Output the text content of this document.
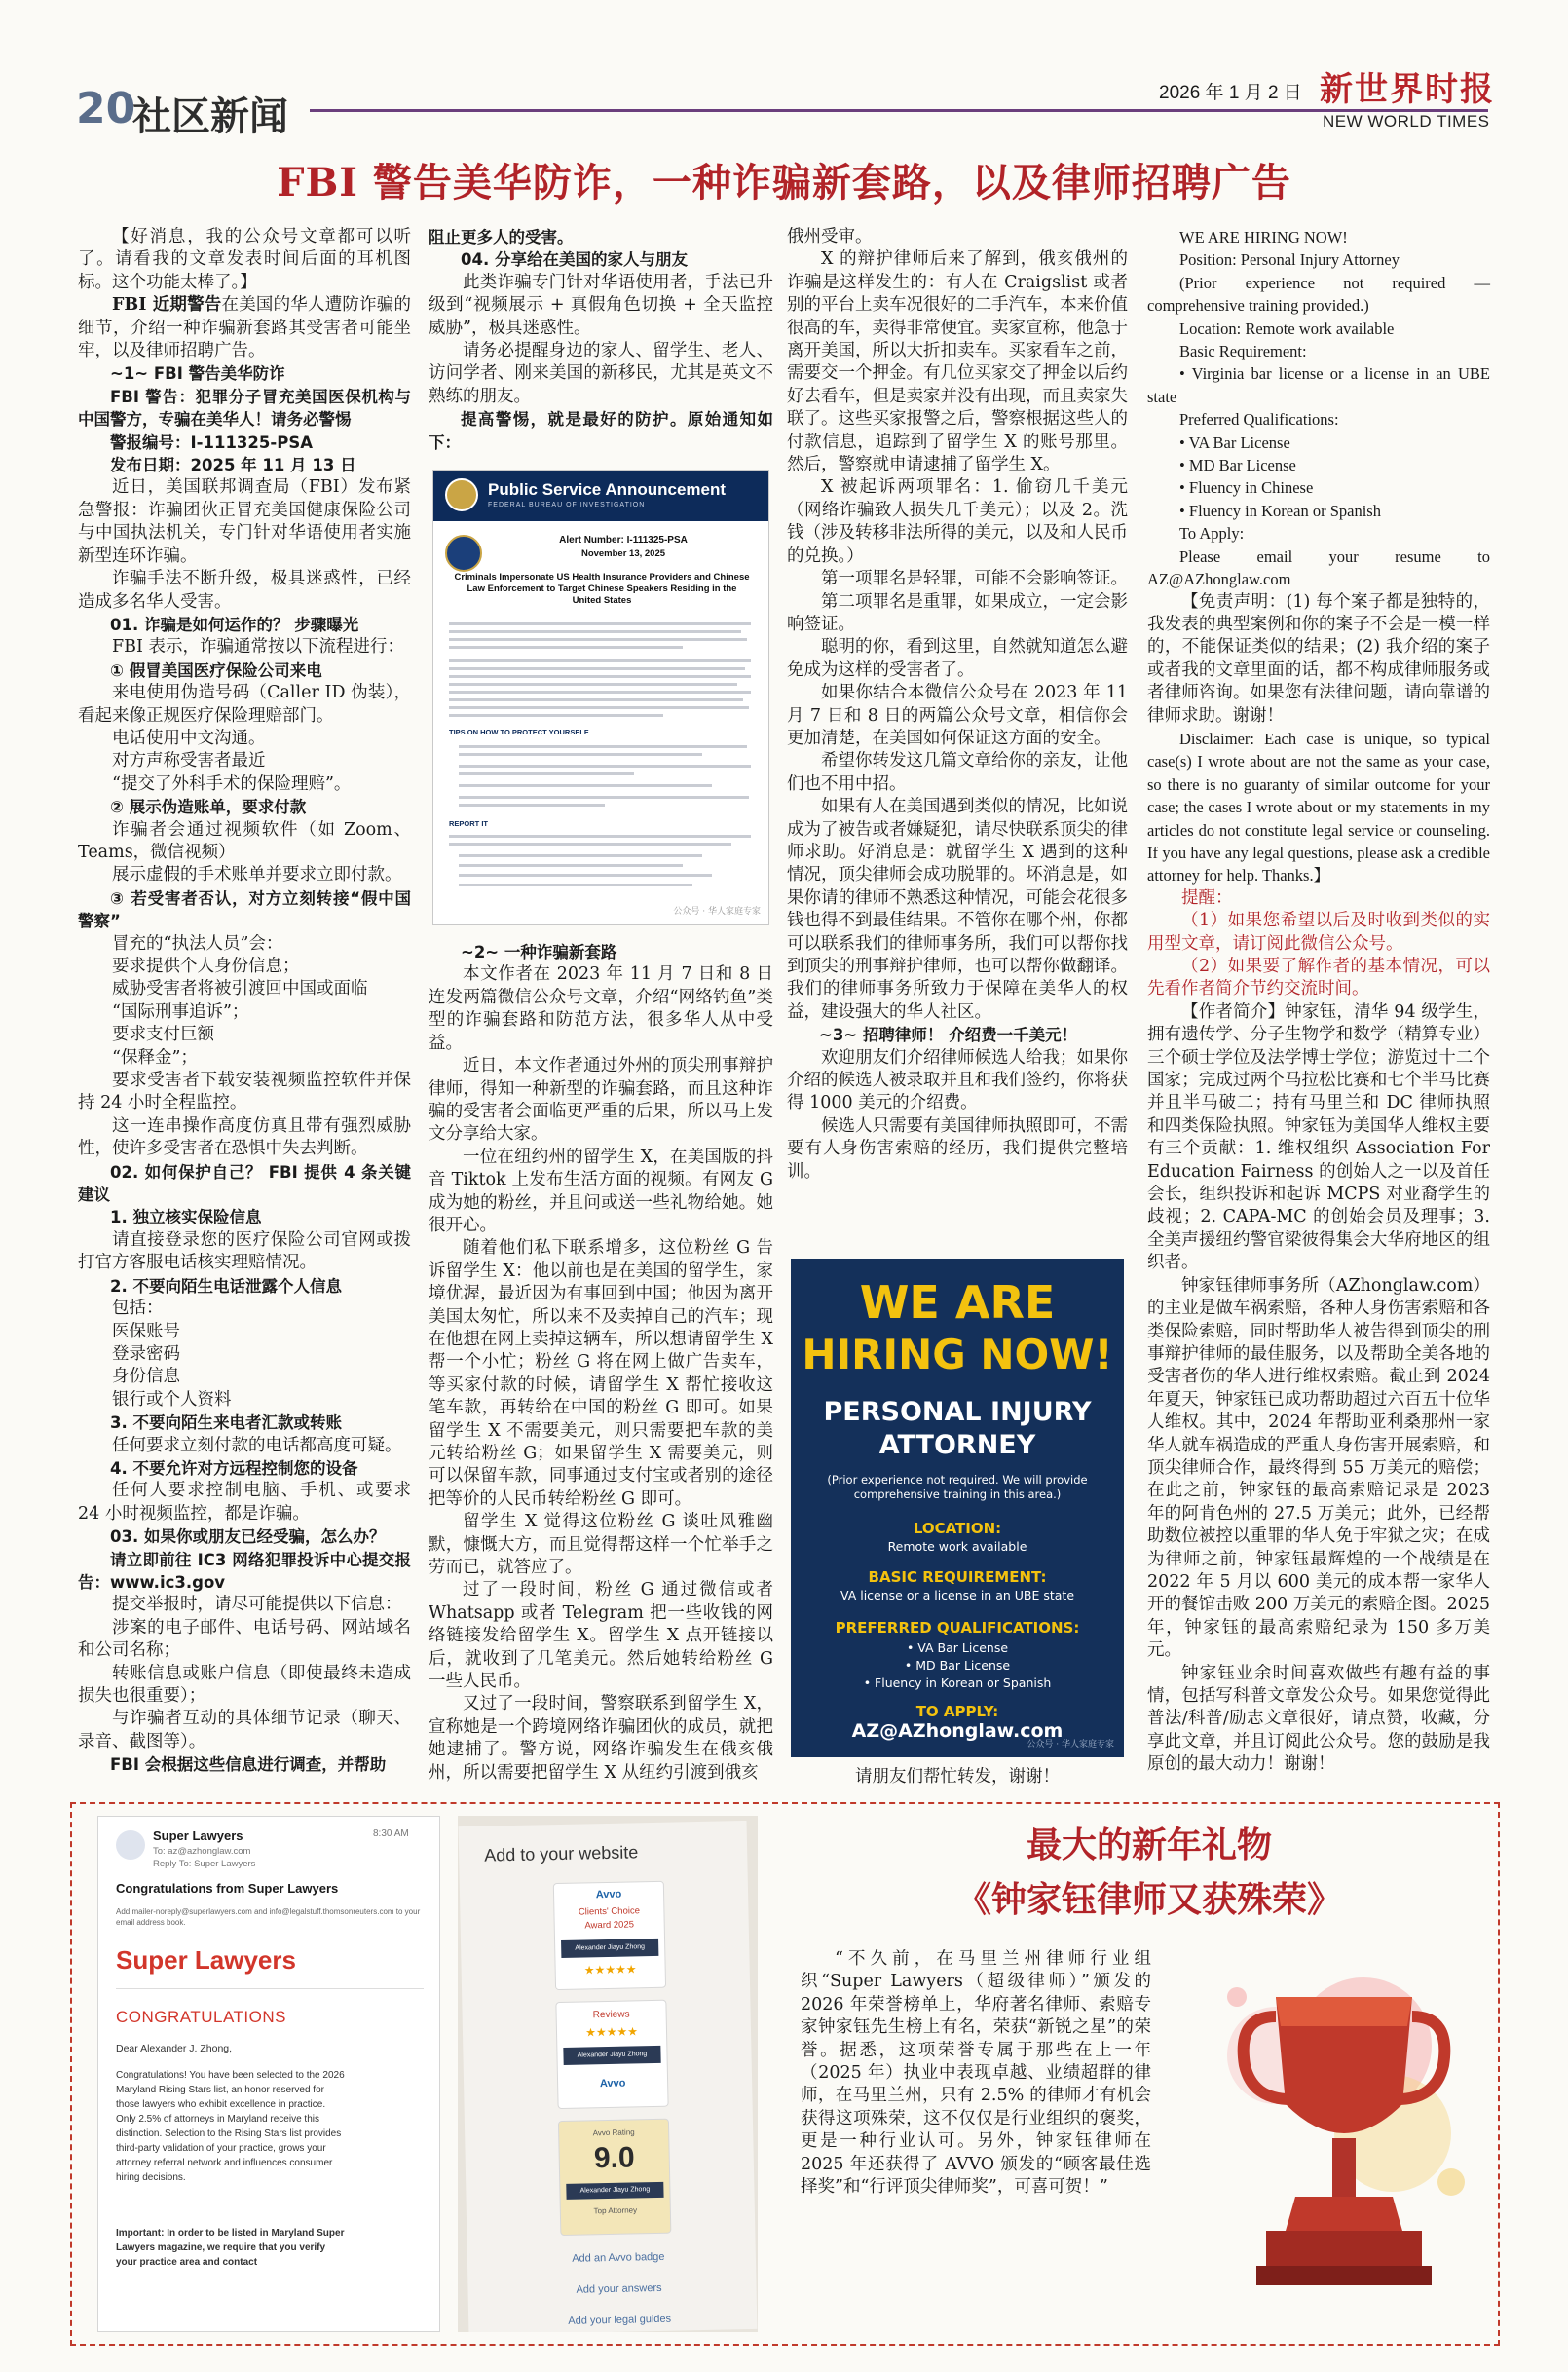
20
社区新闻
2026 年 1 月 2 日 新世界时报
NEW WORLD TIMES
FBI 警告美华防诈，一种诈骗新套路，以及律师招聘广告

【好消息，我的公众号文章都可以听了。请看我的文章发表时间后面的耳机图标。这个功能太棒了。】

FBI 近期警告在美国的华人遭防诈骗的细节，介绍一种诈骗新套路其受害者可能坐牢，以及律师招聘广告。

~1~ FBI 警告美华防诈
FBI 警告：犯罪分子冒充美国医保机构与中国警方，专骗在美华人！请务必警惕
警报编号：I-111325-PSA
发布日期：2025 年 11 月 13 日

近日，美国联邦调查局（FBI）发布紧急警报：诈骗团伙正冒充美国健康保险公司与中国执法机关，专门针对华语使用者实施新型连环诈骗。

诈骗手法不断升级，极具迷惑性，已经造成多名华人受害。

01. 诈骗是如何运作的？ 步骤曝光

FBI 表示，诈骗通常按以下流程进行：

① 假冒美国医疗保险公司来电

来电使用伪造号码（Caller ID 伪装），看起来像正规医疗保险理赔部门。

电话使用中文沟通。

对方声称受害者最近

“提交了外科手术的保险理赔”。

② 展示伪造账单，要求付款

诈骗者会通过视频软件（如 Zoom、Teams，微信视频）

展示虚假的手术账单并要求立即付款。

③ 若受害者否认，对方立刻转接“假中国警察”

冒充的“执法人员”会：

要求提供个人身份信息；

威胁受害者将被引渡回中国或面临

“国际刑事追诉”；

要求支付巨额

“保释金”；

要求受害者下载安装视频监控软件并保持 24 小时全程监控。

这一连串操作高度仿真且带有强烈威胁性，使许多受害者在恐惧中失去判断。

02. 如何保护自己？ FBI 提供 4 条关键建议
1. 独立核实保险信息

请直接登录您的医疗保险公司官网或拨打官方客服电话核实理赔情况。

2. 不要向陌生电话泄露个人信息

包括：

医保账号

登录密码

身份信息

银行或个人资料

3. 不要向陌生来电者汇款或转账

任何要求立刻付款的电话都高度可疑。

4. 不要允许对方远程控制您的设备

任何人要求控制电脑、手机、或要求 24 小时视频监控，都是诈骗。

03. 如果你或朋友已经受骗，怎么办？
请立即前往 IC3 网络犯罪投诉中心提交报告：www.ic3.gov

提交举报时，请尽可能提供以下信息：

涉案的电子邮件、电话号码、网站域名和公司名称；

转账信息或账户信息（即使最终未造成损失也很重要）；

与诈骗者互动的具体细节记录（聊天、录音、截图等）。

FBI 会根据这些信息进行调查，并帮助
阻止更多人的受害。
04. 分享给在美国的家人与朋友

此类诈骗专门针对华语使用者，手法已升级到“视频展示 + 真假角色切换 + 全天监控威胁”，极具迷惑性。

请务必提醒身边的家人、留学生、老人、访问学者、刚来美国的新移民，尤其是英文不熟练的朋友。

提高警惕，就是最好的防护。原始通知如下：
~2~ 一种诈骗新套路

本文作者在 2023 年 11 月 7 日和 8 日连发两篇微信公众号文章，介绍“网络钓鱼”类型的诈骗套路和防范方法，很多华人从中受益。

近日，本文作者通过外州的顶尖刑事辩护律师，得知一种新型的诈骗套路，而且这种诈骗的受害者会面临更严重的后果，所以马上发文分享给大家。

一位在纽约州的留学生 X，在美国版的抖音 Tiktok 上发布生活方面的视频。有网友 G 成为她的粉丝，并且问或送一些礼物给她。她很开心。

随着他们私下联系增多，这位粉丝 G 告诉留学生 X：他以前也是在美国的留学生，家境优渥，最近因为有事回到中国；他因为离开美国太匆忙，所以来不及卖掉自己的汽车；现在他想在网上卖掉这辆车，所以想请留学生 X 帮一个小忙；粉丝 G 将在网上做广告卖车，等买家付款的时候，请留学生 X 帮忙接收这笔车款，再转给在中国的粉丝 G 即可。如果留学生 X 不需要美元，则只需要把车款的美元转给粉丝 G；如果留学生 X 需要美元，则可以保留车款，同事通过支付宝或者别的途径把等价的人民币转给粉丝 G 即可。

留学生 X 觉得这位粉丝 G 谈吐风雅幽默，慷慨大方，而且觉得帮这样一个忙举手之劳而已，就答应了。

过了一段时间，粉丝 G 通过微信或者 Whatsapp 或者 Telegram 把一些收钱的网络链接发给留学生 X。留学生 X 点开链接以后，就收到了几笔美元。然后她转给粉丝 G 一些人民币。

又过了一段时间，警察联系到留学生 X，宣称她是一个跨境网络诈骗团伙的成员，就把她逮捕了。警方说，网络诈骗发生在俄亥俄州，所以需要把留学生 X 从纽约引渡到俄亥

Public Service Announcement
FEDERAL BUREAU OF INVESTIGATION
Alert Number: I-111325-PSA
November 13, 2025
Criminals Impersonate US Health Insurance Providers and Chinese Law Enforcement to Target Chinese Speakers Residing in the United States
TIPS ON HOW TO PROTECT YOURSELF
REPORT IT
公众号 · 华人家庭专家

俄州受审。

X 的辩护律师后来了解到，俄亥俄州的诈骗是这样发生的：有人在 Craigslist 或者别的平台上卖车况很好的二手汽车，本来价值很高的车，卖得非常便宜。卖家宣称，他急于离开美国，所以大折扣卖车。买家看车之前，需要交一个押金。有几位买家交了押金以后约好去看车，但是卖家并没有出现，而且卖家失联了。这些买家报警之后，警察根据这些人的付款信息，追踪到了留学生 X 的账号那里。然后，警察就申请逮捕了留学生 X。

X 被起诉两项罪名：1. 偷窃几千美元（网络诈骗致人损失几千美元）；以及 2。洗钱（涉及转移非法所得的美元，以及和人民币的兑换。）

第一项罪名是轻罪，可能不会影响签证。

第二项罪名是重罪，如果成立，一定会影响签证。

聪明的你，看到这里，自然就知道怎么避免成为这样的受害者了。

如果你结合本微信公众号在 2023 年 11 月 7 日和 8 日的两篇公众号文章，相信你会更加清楚，在美国如何保证这方面的安全。

希望你转发这几篇文章给你的亲友，让他们也不用中招。

如果有人在美国遇到类似的情况，比如说成为了被告或者嫌疑犯，请尽快联系顶尖的律师求助。好消息是：就留学生 X 遇到的这种情况，顶尖律师会成功脱罪的。坏消息是，如果你请的律师不熟悉这种情况，可能会花很多钱也得不到最佳结果。不管你在哪个州，你都可以联系我们的律师事务所，我们可以帮你找到顶尖的刑事辩护律师，也可以帮你做翻译。我们的律师事务所致力于保障在美华人的权益，建设强大的华人社区。

~3~ 招聘律师！ 介绍费一千美元！

欢迎朋友们介绍律师候选人给我；如果你介绍的候选人被录取并且和我们签约，你将获得 1000 美元的介绍费。

候选人只需要有美国律师执照即可，不需要有人身伤害索赔的经历，我们提供完整培训。

WE ARE
HIRING NOW!
PERSONAL INJURY
ATTORNEY
(Prior experience not required. We will provide comprehensive training in this area.)
LOCATION:
Remote work available
BASIC REQUIREMENT:
VA license or a license in an UBE state
PREFERRED QUALIFICATIONS:
• VA Bar License
• MD Bar License
• Fluency in Korean or Spanish
TO APPLY:
AZ@AZhonglaw.com
公众号 · 华人家庭专家
请朋友们帮忙转发，谢谢！

WE ARE HIRING NOW!

Position: Personal Injury Attorney

(Prior experience not required — comprehensive training provided.)

Location: Remote work available

Basic Requirement:

• Virginia bar license or a license in an UBE state

Preferred Qualifications:

• VA Bar License

• MD Bar License

• Fluency in Chinese

• Fluency in Korean or Spanish

To Apply:

Please email your resume to AZ@AZhonglaw.com

【免责声明：(1) 每个案子都是独特的，我发表的典型案例和你的案子不会是一模一样的，不能保证类似的结果；(2) 我介绍的案子或者我的文章里面的话，都不构成律师服务或者律师咨询。如果您有法律问题，请向靠谱的律师求助。谢谢！

Disclaimer: Each case is unique, so typical case(s) I wrote about are not the same as your case, so there is no guaranty of similar outcome for your case; the cases I wrote about or my statements in my articles do not constitute legal service or counseling. If you have any legal questions, please ask a credible attorney for help. Thanks.】

提醒：

（1）如果您希望以后及时收到类似的实用型文章，请订阅此微信公众号。

（2）如果要了解作者的基本情况，可以先看作者简介节约交流时间。

【作者简介】钟家钰，清华 94 级学生，拥有遗传学、分子生物学和数学（精算专业）三个硕士学位及法学博士学位；游览过十二个国家；完成过两个马拉松比赛和七个半马比赛并且半马破二；持有马里兰和 DC 律师执照和四类保险执照。钟家钰为美国华人维权主要有三个贡献：1. 维权组织 Association For Education Fairness 的创始人之一以及首任会长，组织投诉和起诉 MCPS 对亚裔学生的歧视；2. CAPA-MC 的创始会员及理事；3. 全美声援纽约警官梁彼得集会大华府地区的组织者。

钟家钰律师事务所（AZhonglaw.com）的主业是做车祸索赔，各种人身伤害索赔和各类保险索赔，同时帮助华人被告得到顶尖的刑事辩护律师的最佳服务，以及帮助全美各地的受害者伤的华人进行维权索赔。截止到 2024 年夏天，钟家钰已成功帮助超过六百五十位华人维权。其中，2024 年帮助亚利桑那州一家华人就车祸造成的严重人身伤害开展索赔，和顶尖律师合作，最终得到 55 万美元的赔偿；在此之前，钟家钰的最高索赔记录是 2023 年的阿肯色州的 27.5 万美元；此外，已经帮助数位被控以重罪的华人免于牢狱之灾；在成为律师之前，钟家钰最辉煌的一个战绩是在 2022 年 5 月以 600 美元的成本帮一家华人开的餐馆击败 200 万美元的索赔企图。2025 年，钟家钰的最高索赔纪录为 150 多万美元。

钟家钰业余时间喜欢做些有趣有益的事情，包括写科普文章发公众号。如果您觉得此普法/科普/励志文章很好，请点赞，收藏，分享此文章，并且订阅此公众号。您的鼓励是我原创的最大动力！谢谢！

Super Lawyers	8:30 AM
To: az@azhonglaw.com
Reply To: Super Lawyers
Congratulations from Super Lawyers
Add mailer-noreply@superlawyers.com and info@legalstuff.thomsonreuters.com to your email address book.
Super Lawyers
CONGRATULATIONS
Dear Alexander J. Zhong,
Congratulations! You have been selected to the 2026 Maryland Rising Stars list, an honor reserved for those lawyers who exhibit excellence in practice. Only 2.5% of attorneys in Maryland receive this distinction. Selection to the Rising Stars list provides third-party validation of your practice, grows your attorney referral network and influences consumer hiring decisions.
Important: In order to be listed in Maryland Super Lawyers magazine, we require that you verify your practice area and contact
Add to your website
Avvo
Clients' Choice
Award 2025
Alexander Jiayu Zhong
★★★★★
Reviews
★★★★★
Alexander Jiayu Zhong
Avvo
Avvo Rating
9.0
Alexander Jiayu Zhong
Top Attorney
Add an Avvo badge
Add your answers
Add your legal guides
最大的新年礼物
《钟家钰律师又获殊荣》

“不久前，在马里兰州律师行业组织“Super Lawyers（超级律师）”颁发的 2026 年荣誉榜单上，华府著名律师、索赔专家钟家钰先生榜上有名，荣获“新锐之星”的荣誉。据悉，这项荣誉专属于那些在上一年（2025 年）执业中表现卓越、业绩超群的律师，在马里兰州，只有 2.5% 的律师才有机会获得这项殊荣，这不仅仅是行业组织的褒奖，更是一种行业认可。另外，钟家钰律师在 2025 年还获得了 AVVO 颁发的“顾客最佳选择奖”和“行评顶尖律师奖”，可喜可贺！”
